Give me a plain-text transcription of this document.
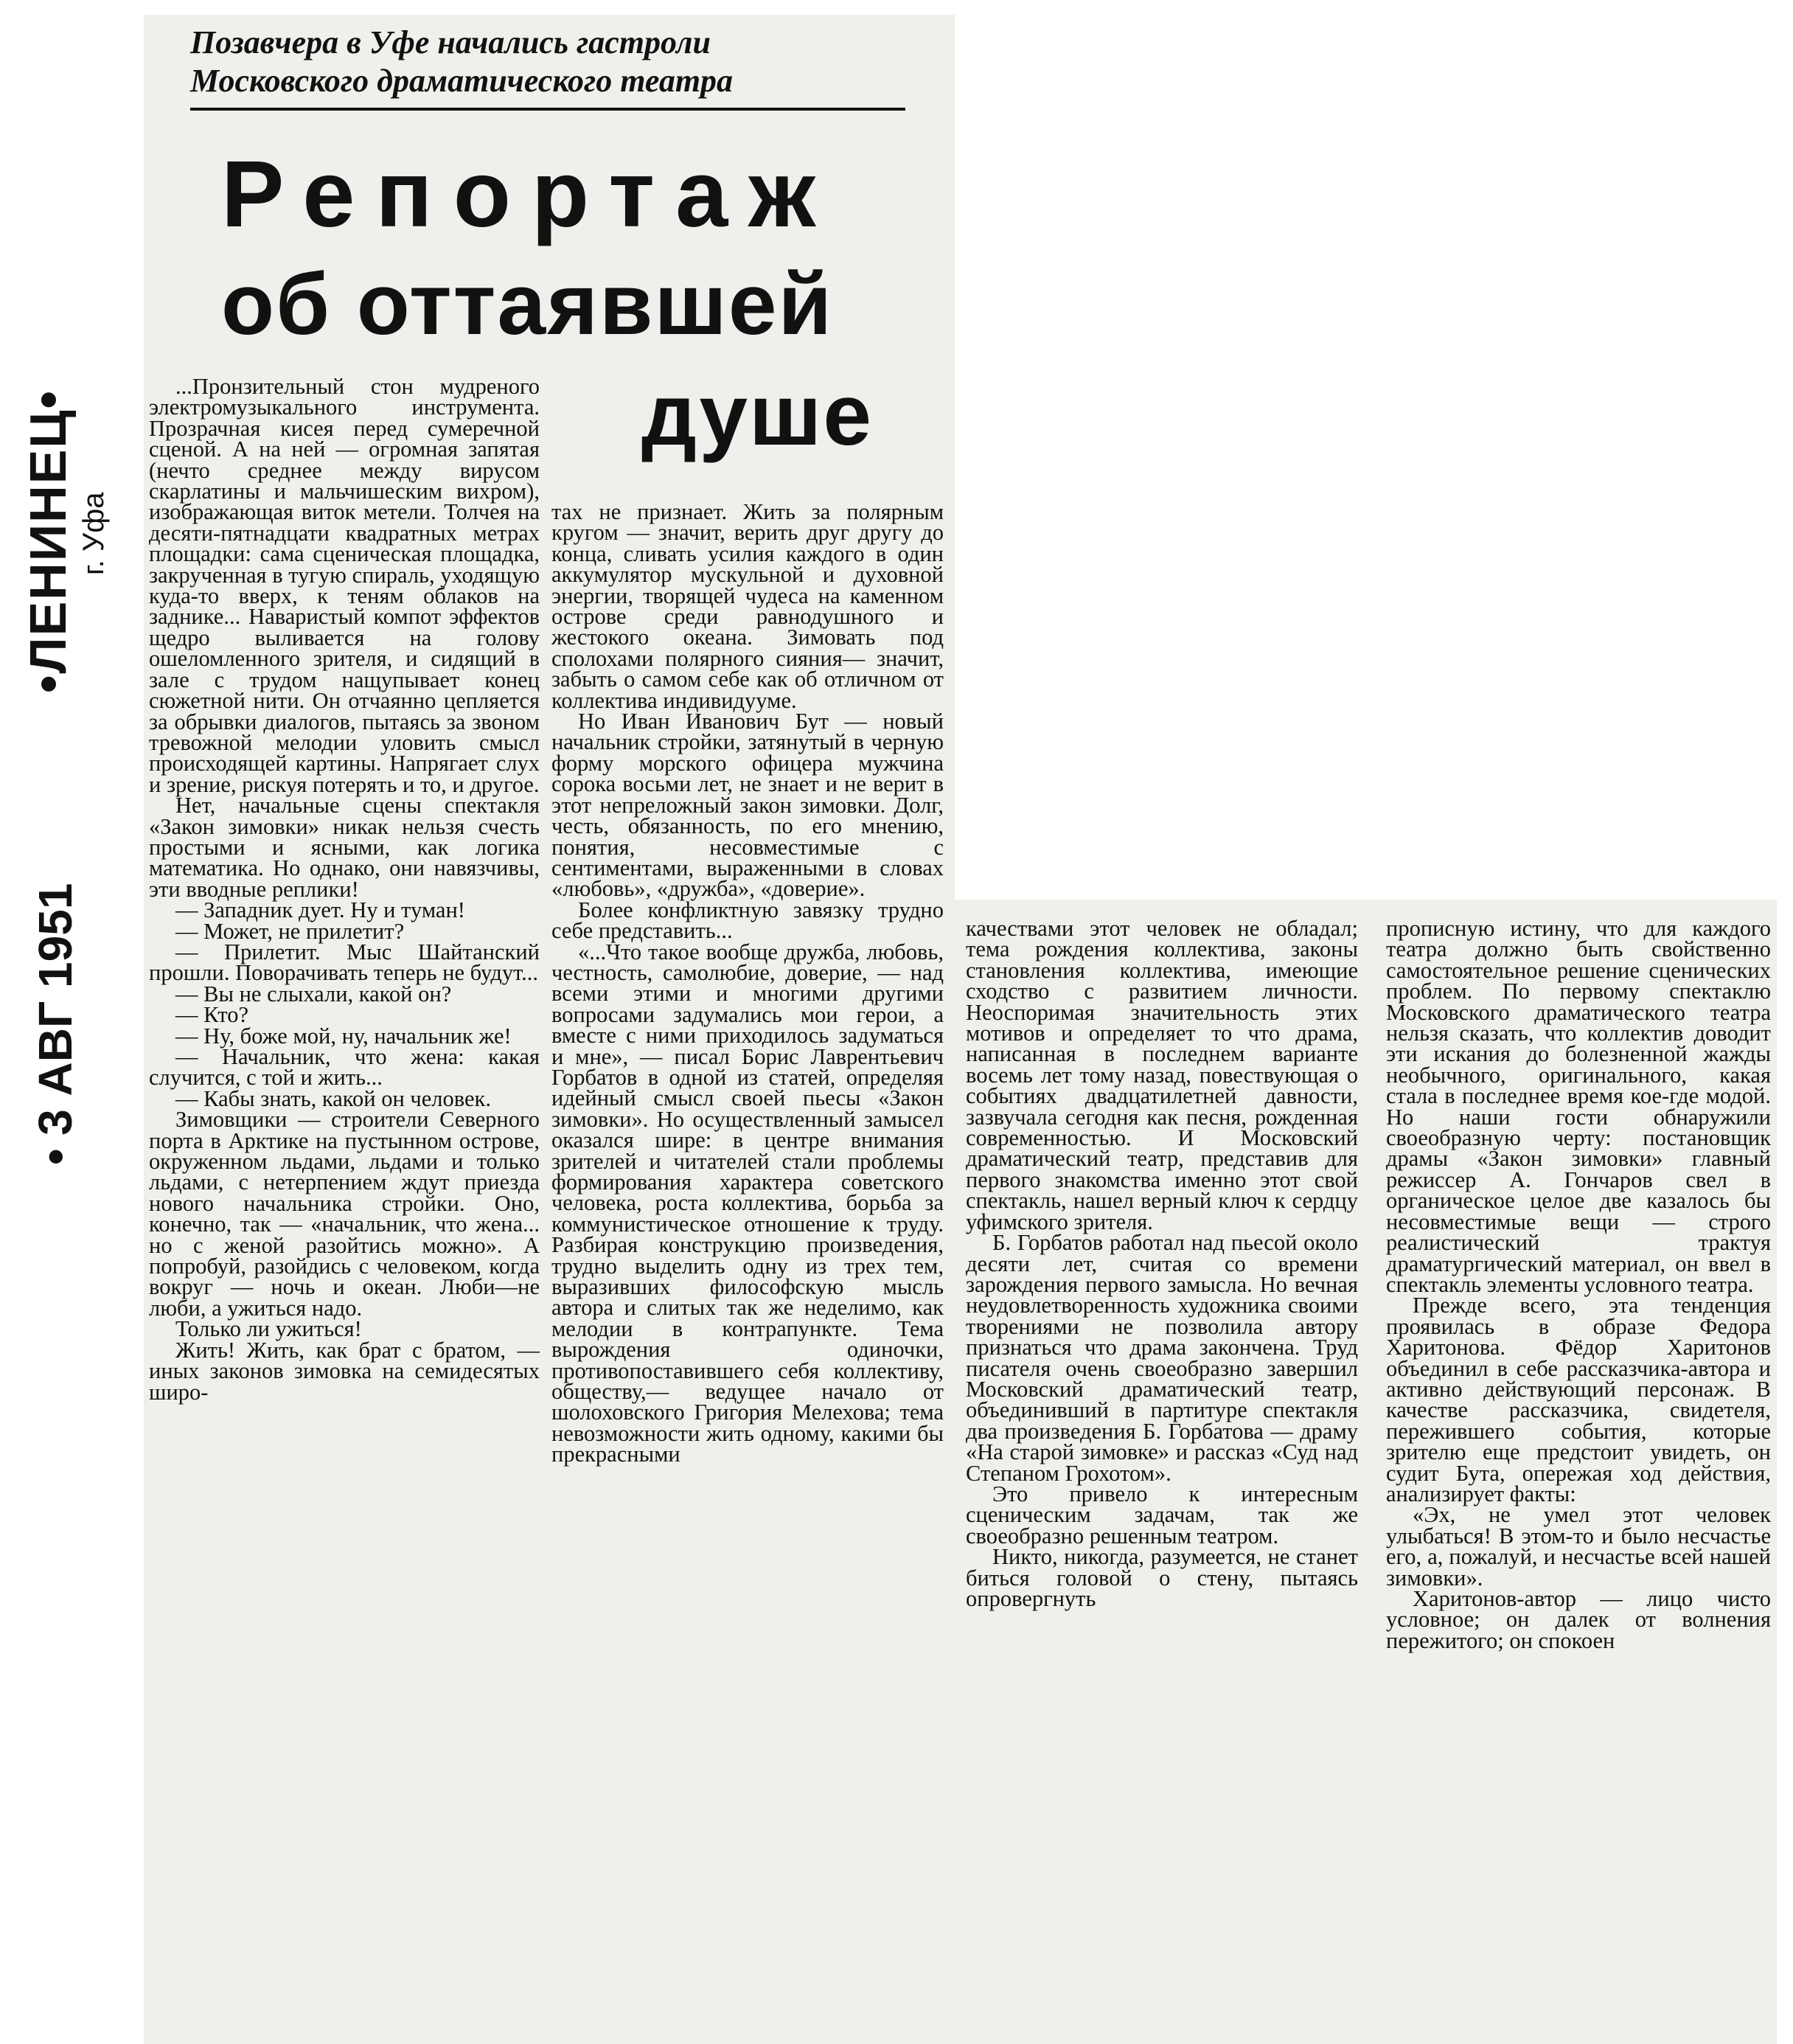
•ЛЕНИНЕЦ• г. Уфа
• 3 АВГ 1951
Позавчера в Уфе начались гастроли
Московского драматического театра
Репортаж
об оттаявшей
душе

...Пронзительный стон мудреного электромузыкального инструмента. Прозрачная кисея перед сумеречной сценой. А на ней — огромная запятая (нечто среднее между вирусом скарлатины и мальчишеским вихром), изображающая виток метели. Толчея на десяти-пятнадцати квадратных метрах площадки: сама сценическая площадка, закрученная в тугую спираль, уходящую куда-то вверх, к теням облаков на заднике... Наваристый компот эффектов щедро выливается на голову ошеломленного зрителя, и сидящий в зале с трудом нащупывает конец сюжетной нити. Он отчаянно цепляется за обрывки диалогов, пытаясь за звоном тревожной мелодии уловить смысл происходящей картины. Напрягает слух и зрение, рискуя потерять и то, и другое.

Нет, начальные сцены спектакля «Закон зимовки» никак нельзя счесть простыми и ясными, как логика математика. Но однако, они навязчивы, эти вводные реплики!

— Западник дует. Ну и туман!

— Может, не прилетит?

— Прилетит. Мыс Шайтанский прошли. Поворачивать теперь не будут...

— Вы не слыхали, какой он?

— Кто?

— Ну, боже мой, ну, начальник же!

— Начальник, что жена: какая случится, с той и жить...

— Кабы знать, какой он человек.

Зимовщики — строители Северного порта в Арктике на пустынном острове, окруженном льдами, льдами и только льдами, с нетерпением ждут приезда нового начальника стройки. Оно, конечно, так — «начальник, что жена... но с женой разойтись можно». А попробуй, разойдись с человеком, когда вокруг — ночь и океан. Люби—не люби, а ужиться надо.

Только ли ужиться!

Жить! Жить, как брат с братом, — иных законов зимовка на семидесятых широ-

тах не признает. Жить за полярным кругом — значит, верить друг другу до конца, сливать усилия каждого в один аккумулятор мускульной и духовной энергии, творящей чудеса на каменном острове среди равнодушного и жестокого океана. Зимовать под сполохами полярного сияния— значит, забыть о самом себе как об отличном от коллектива индивидууме.

Но Иван Иванович Бут — новый начальник стройки, затянутый в черную форму морского офицера мужчина сорока восьми лет, не знает и не верит в этот непреложный закон зимовки. Долг, честь, обязанность, по его мнению, понятия, несовместимые с сентиментами, выраженными в словах «любовь», «дружба», «доверие».

Более конфликтную завязку трудно себе представить...

«...Что такое вообще дружба, любовь, честность, самолюбие, доверие, — над всеми этими и многими другими вопросами задумались мои герои, а вместе с ними приходилось задуматься и мне», — писал Борис Лаврентьевич Горбатов в одной из статей, определяя идейный смысл своей пьесы «Закон зимовки». Но осуществленный замысел оказался шире: в центре внимания зрителей и читателей стали проблемы формирования характера советского человека, роста коллектива, борьба за коммунистическое отношение к труду. Разбирая конструкцию произведения, трудно выделить одну из трех тем, выразивших философскую мысль автора и слитых так же неделимо, как мелодии в контрапункте. Тема вырождения одиночки, противопоставившего себя коллективу, обществу,— ведущее начало от шолоховского Григория Мелехова; тема невозможности жить одному, какими бы прекрасными

качествами этот человек не обладал; тема рождения коллектива, законы становления коллектива, имеющие сходство с развитием личности. Неоспоримая значительность этих мотивов и определяет то что драма, написанная в последнем варианте восемь лет тому назад, повествующая о событиях двадцатилетней давности, зазвучала сегодня как песня, рожденная современностью. И Московский драматический театр, представив для первого знакомства именно этот свой спектакль, нашел верный ключ к сердцу уфимского зрителя.

Б. Горбатов работал над пьесой около десяти лет, считая со времени зарождения первого замысла. Но вечная неудовлетворенность художника своими творениями не позволила автору признаться что драма закончена. Труд писателя очень своеобразно завершил Московский драматический театр, объединивший в партитуре спектакля два произведения Б. Горбатова — драму «На старой зимовке» и рассказ «Суд над Степаном Грохотом».

Это привело к интересным сценическим задачам, так же своеобразно решенным театром.

Никто, никогда, разумеется, не станет биться головой о стену, пытаясь опровергнуть

прописную истину, что для каждого театра должно быть свойственно самостоятельное решение сценических проблем. По первому спектаклю Московского драматического театра нельзя сказать, что коллектив доводит эти искания до болезненной жажды необычного, оригинального, какая стала в последнее время кое-где модой. Но наши гости обнаружили своеобразную черту: постановщик драмы «Закон зимовки» главный режиссер А. Гончаров свел в органическое целое две казалось бы несовместимые вещи — строго реалистический трактуя драматургический материал, он ввел в спектакль элементы условного театра.

Прежде всего, эта тенденция проявилась в образе Федора Харитонова. Фёдор Харитонов объединил в себе рассказчика-автора и активно действующий персонаж. В качестве рассказчика, свидетеля, пережившего события, которые зрителю еще предстоит увидеть, он судит Бута, опережая ход действия, анализирует факты:

«Эх, не умел этот человек улыбаться! В этом-то и было несчастье его, а, пожалуй, и несчастье всей нашей зимовки».

Харитонов-автор — лицо чисто условное; он далек от волнения пережитого; он спокоен
